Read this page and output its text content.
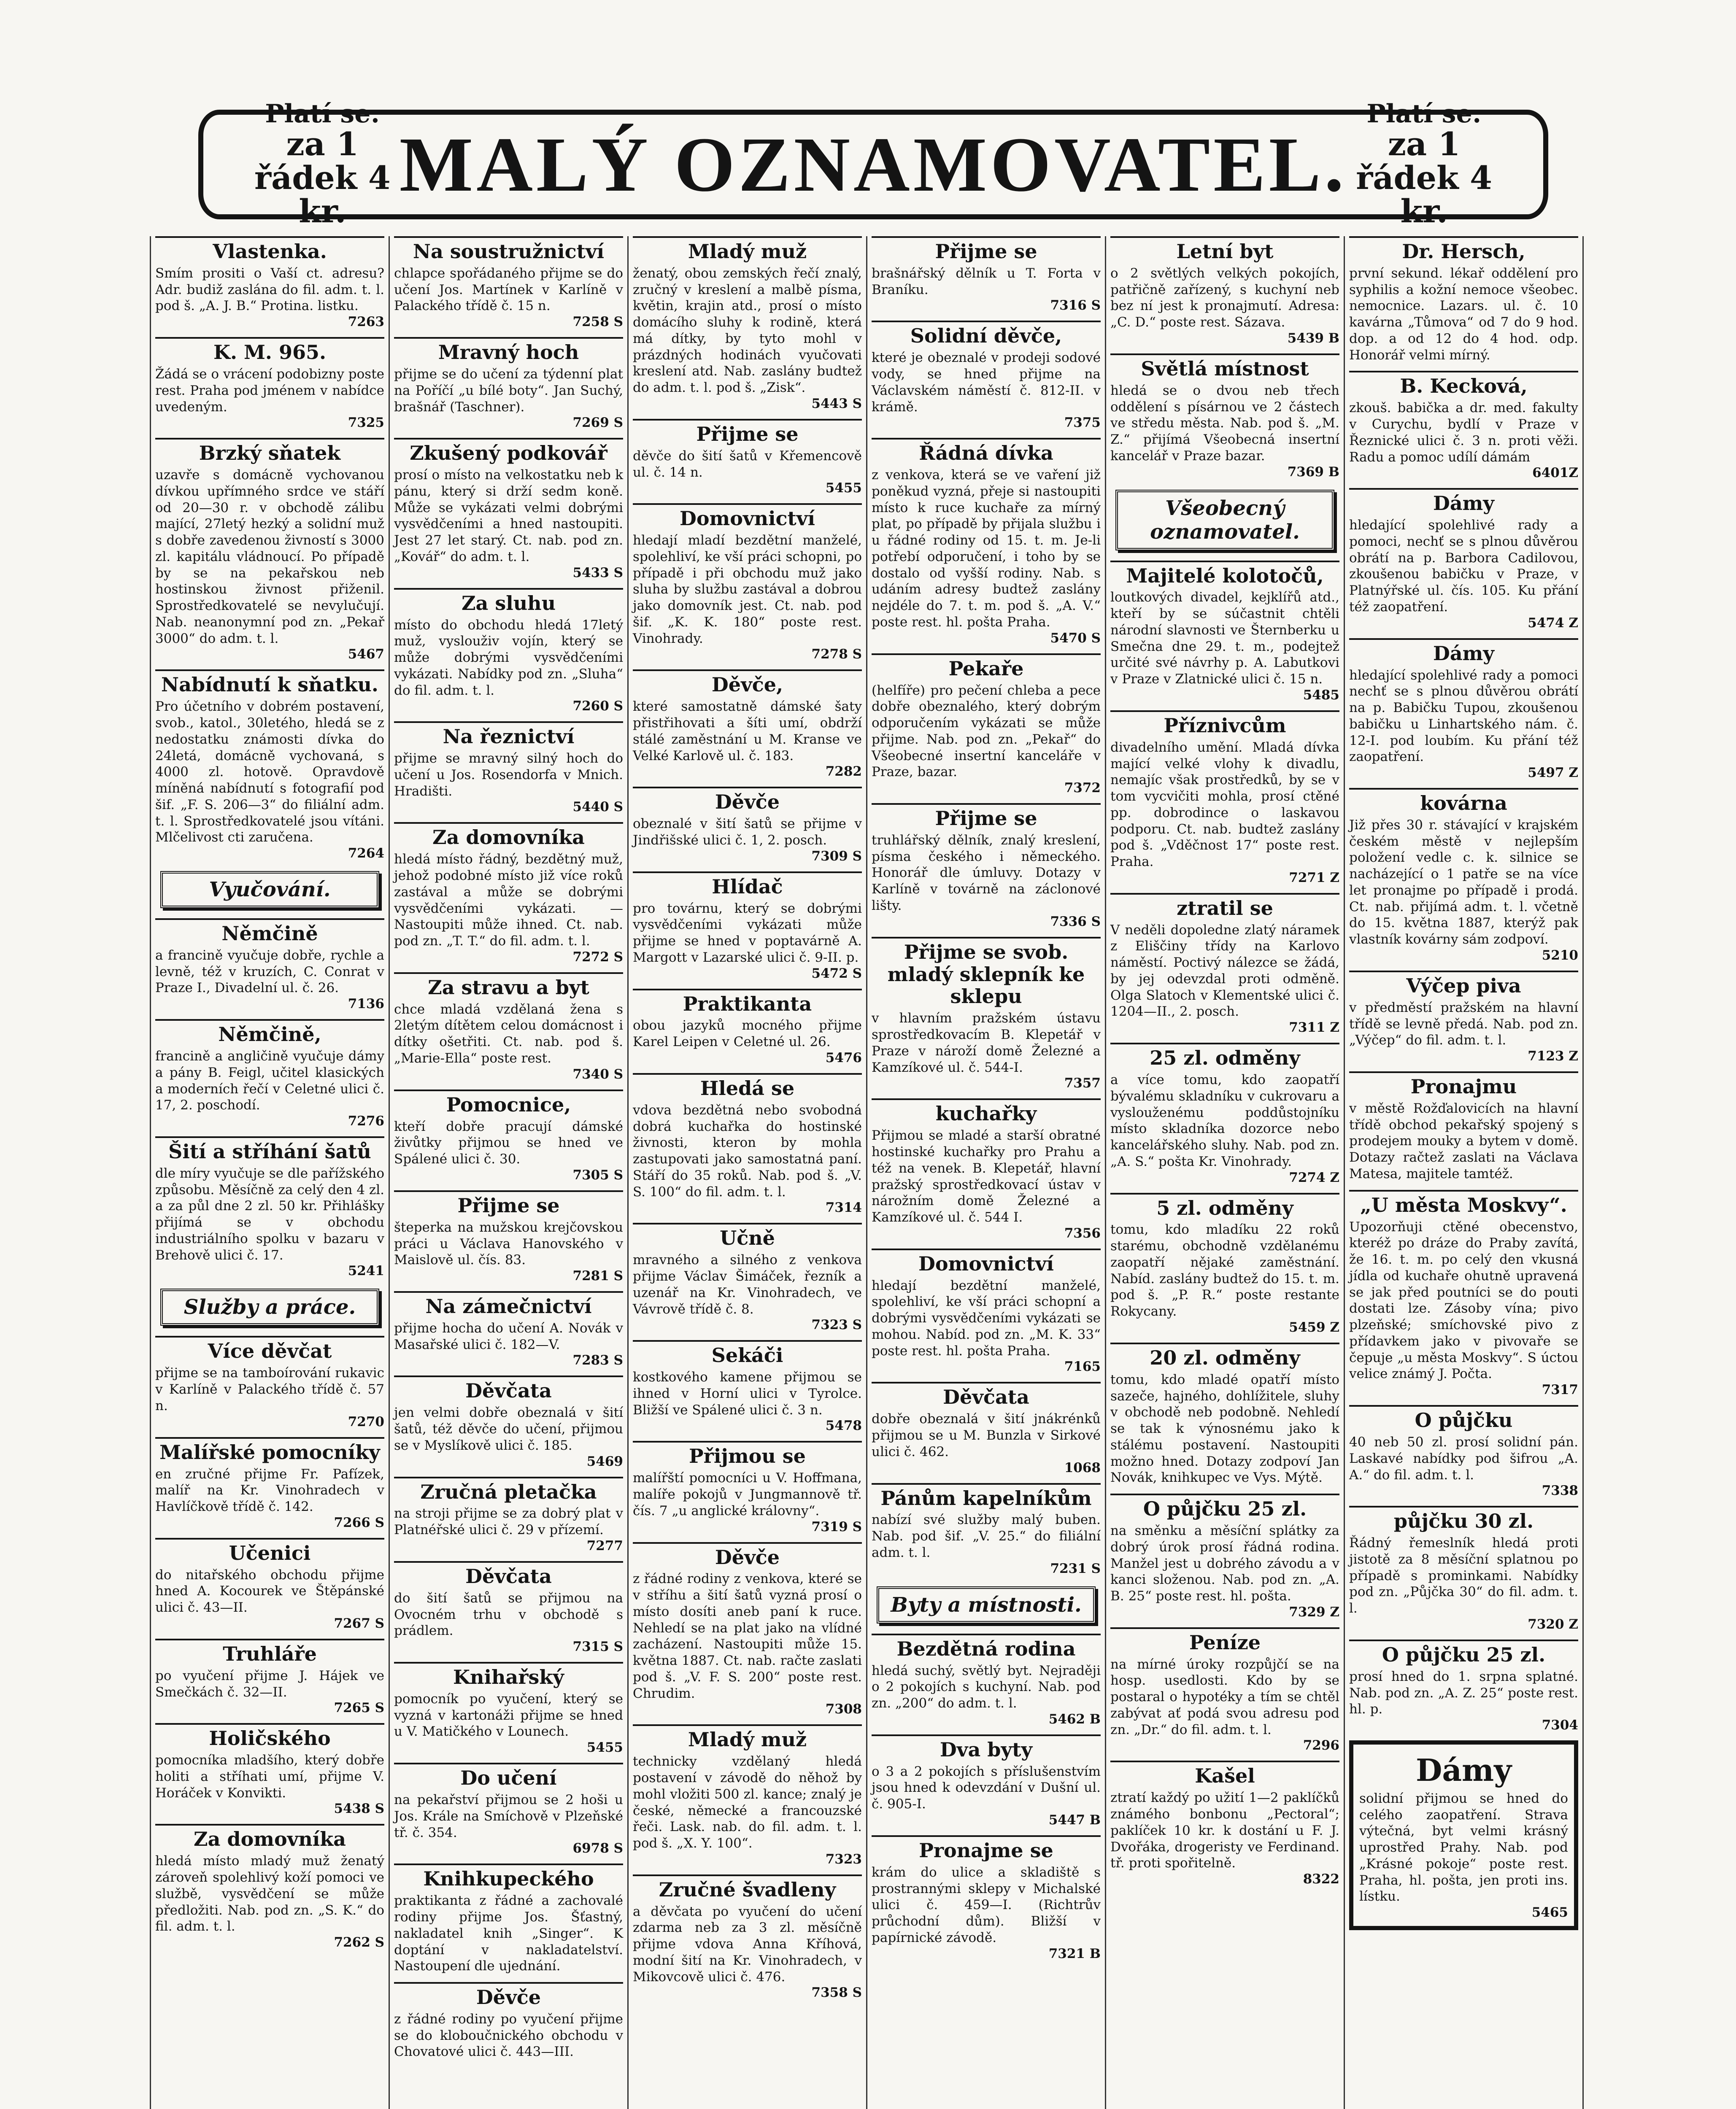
Platí se:
za 1 řádek 4 kr.
MALÝ OZNAMOVATEL.
Platí se:
za 1 řádek 4 kr.
Vlastenka.

Smím prositi o Vaší ct. adresu? Adr. budiž zaslána do fil. adm. t. l. pod š. „A. J. B.“ Protina. listku.

7263
K. M. 965.

Žádá se o vrácení podobizny poste rest. Praha pod jménem v nabídce uvedeným.

7325
Brzký sňatek

uzavře s domácně vychovanou dívkou upřímného srdce ve stáří od 20—30 r. v obchodě zálibu mající, 27letý hezký a solidní muž s dobře zavedenou živností s 3000 zl. kapitálu vládnoucí. Po případě by se na pekařskou neb hostinskou živnost přiženil. Sprostředkovatelé se nevylučují. Nab. neanonymní pod zn. „Pekař 3000“ do adm. t. l.

5467
Nabídnutí k sňatku.

Pro účetního v dobrém postavení, svob., katol., 30letého, hledá se z nedostatku známosti dívka do 24letá, domácně vychovaná, s 4000 zl. hotově. Opravdově míněná nabídnutí s fotografií pod šif. „F. S. 206—3“ do filiální adm. t. l. Sprostředkovatelé jsou vítáni. Mlčelivost cti zaručena.

7264
Vyučování.
Němčině

a francině vyučuje dobře, rychle a levně, též v kruzích, C. Conrat v Praze I., Divadelní ul. č. 26.

7136
Němčině,

francině a angličině vyučuje dámy a pány B. Feigl, učitel klasických a moderních řečí v Celetné ulici č. 17, 2. poschodí.

7276
Šití a stříhání šatů

dle míry vyučuje se dle pařížského způsobu. Měsíčně za celý den 4 zl. a za půl dne 2 zl. 50 kr. Přihlášky přijímá se v obchodu industriálního spolku v bazaru v Brehově ulici č. 17.

5241
Služby a práce.
Více děvčat

přijme se na tamboírování rukavic v Karlíně v Palackého třídě č. 57 n.

7270
Malířské pomocníky

en zručné přijme Fr. Pafízek, malíř na Kr. Vinohradech v Havlíčkově třídě č. 142.

7266 S
Učenici

do nitařského obchodu přijme hned A. Kocourek ve Štěpánské ulici č. 43—II.

7267 S
Truhláře

po vyučení přijme J. Hájek ve Smečkách č. 32—II.

7265 S
Holičského

pomocníka mladšího, který dobře holiti a stříhati umí, přijme V. Horáček v Konvikti.

5438 S
Za domovníka

hledá místo mladý muž ženatý zároveň spolehlivý koží pomoci ve službě, vysvědčení se může předložiti. Nab. pod zn. „S. K.“ do fil. adm. t. l.

7262 S
Na soustružnictví

chlapce spořádaného přijme se do učení Jos. Martínek v Karlíně v Palackého třídě č. 15 n.

7258 S
Mravný hoch

přijme se do učení za týdenní plat na Poříčí „u bílé boty“. Jan Suchý, brašnář (Taschner).

7269 S
Zkušený podkovář

prosí o místo na velkostatku neb k pánu, který si drží sedm koně. Může se vykázati velmi dobrými vysvědčeními a hned nastoupiti. Jest 27 let starý. Ct. nab. pod zn. „Kovář“ do adm. t. l.

5433 S
Za sluhu

místo do obchodu hledá 17letý muž, vyslouživ vojín, který se může dobrými vysvědčeními vykázati. Nabídky pod zn. „Sluha“ do fil. adm. t. l.

7260 S
Na řeznictví

přijme se mravný silný hoch do učení u Jos. Rosendorfa v Mnich. Hradišti.

5440 S
Za domovníka

hledá místo řádný, bezdětný muž, jehož podobné místo již více roků zastával a může se dobrými vysvědčeními vykázati. — Nastoupiti může ihned. Ct. nab. pod zn. „T. T.“ do fil. adm. t. l.

7272 S
Za stravu a byt

chce mladá vzdělaná žena s 2letým dítětem celou domácnost i dítky ošetřiti. Ct. nab. pod š. „Marie-Ella“ poste rest.

7340 S
Pomocnice,

kteří dobře pracují dámské živůtky přijmou se hned ve Spálené ulici č. 30.

7305 S
Přijme se

šteperka na mužskou krejčovskou práci u Václava Hanovského v Maislově ul. čís. 83.

7281 S
Na zámečnictví

přijme hocha do učení A. Novák v Masařské ulici č. 182—V.

7283 S
Děvčata

jen velmi dobře obeznalá v šití šatů, též děvče do učení, přijmou se v Myslíkově ulici č. 185.

5469
Zručná pletačka

na stroji přijme se za dobrý plat v Platnéřské ulici č. 29 v přízemí.

7277
Děvčata

do šití šatů se přijmou na Ovocném trhu v obchodě s prádlem.

7315 S
Knihařský

pomocník po vyučení, který se vyzná v kartonáži přijme se hned u V. Matičkého v Lounech.

5455
Do učení

na pekařství přijmou se 2 hoši u Jos. Krále na Smíchově v Plzeňské tř. č. 354.

6978 S
Knihkupeckého

praktikanta z řádné a zachovalé rodiny přijme Jos. Šťastný, nakladatel knih „Singer“. K doptání v nakladatelství. Nastoupení dle ujednání.

Děvče

z řádné rodiny po vyučení přijme se do kloboučnického obchodu v Chovatové ulici č. 443—III.

Mladý muž

ženatý, obou zemských řečí znalý, zručný v kreslení a malbě písma, květin, krajin atd., prosí o místo domácího sluhy k rodině, která má dítky, by tyto mohl v prázdných hodinách vyučovati kreslení atd. Nab. zaslány budtež do adm. t. l. pod š. „Zisk“.

5443 S
Přijme se

děvče do šití šatů v Křemencově ul. č. 14 n.

5455
Domovnictví

hledají mladí bezdětní manželé, spolehliví, ke vší práci schopni, po případě i při obchodu muž jako sluha by službu zastával a dobrou jako domovník jest. Ct. nab. pod šif. „K. K. 180“ poste rest. Vinohrady.

7278 S
Děvče,

které samostatně dámské šaty přistřihovati a šíti umí, obdrží stálé zaměstnání u M. Kranse ve Velké Karlově ul. č. 183.

7282
Děvče

obeznalé v šití šatů se přijme v Jindřišské ulici č. 1, 2. posch.

7309 S
Hlídač

pro továrnu, který se dobrými vysvědčeními vykázati může přijme se hned v poptavárně A. Margott v Lazarské ulici č. 9-II. p.

5472 S
Praktikanta

obou jazyků mocného přijme Karel Leipen v Celetné ul. 26.

5476
Hledá se

vdova bezdětná nebo svobodná dobrá kuchařka do hostinské živnosti, kteron by mohla zastupovati jako samostatná paní. Stáří do 35 roků. Nab. pod š. „V. S. 100“ do fil. adm. t. l.

7314
Učně

mravného a silného z venkova přijme Václav Šimáček, řezník a uzenář na Kr. Vinohradech, ve Vávrově třídě č. 8.

7323 S
Sekáči

kostkového kamene přijmou se ihned v Horní ulici v Tyrolce. Bližší ve Spálené ulici č. 3 n.

5478
Přijmou se

malířští pomocníci u V. Hoffmana, malíře pokojů v Jungmannově tř. čís. 7 „u anglické královny“.

7319 S
Děvče

z řádné rodiny z venkova, které se v stříhu a šití šatů vyzná prosí o místo dosíti aneb paní k ruce. Nehledí se na plat jako na vlídné zacházení. Nastoupiti může 15. května 1887. Ct. nab. račte zaslati pod š. „V. F. S. 200“ poste rest. Chrudim.

7308
Mladý muž

technicky vzdělaný hledá postavení v závodě do něhož by mohl vložiti 500 zl. kance; znalý je české, německé a francouzské řeči. Lask. nab. do fil. adm. t. l. pod š. „X. Y. 100“.

7323
Zručné švadleny

a děvčata po vyučení do učení zdarma neb za 3 zl. měsíčně přijme vdova Anna Kříhová, modní šití na Kr. Vinohradech, v Mikovcově ulici č. 476.

7358 S
Přijme se

brašnářský dělník u T. Forta v Braníku.

7316 S
Solidní děvče,

které je obeznalé v prodeji sodové vody, se hned přijme na Václavském náměstí č. 812-II. v krámě.

7375
Řádná dívka

z venkova, která se ve vaření již poněkud vyzná, přeje si nastoupiti místo k ruce kuchaře za mírný plat, po případě by přijala službu i u řádné rodiny od 15. t. m. Je-li potřebí odporučení, i toho by se dostalo od vyšší rodiny. Nab. s udáním adresy budtež zaslány nejdéle do 7. t. m. pod š. „A. V.“ poste rest. hl. pošta Praha.

5470 S
Pekaře

(helfíře) pro pečení chleba a pece dobře obeznalého, který dobrým odporučením vykázati se může přijme. Nab. pod zn. „Pekař“ do Všeobecné insertní kanceláře v Praze, bazar.

7372
Přijme se

truhlářský dělník, znalý kreslení, písma českého i německého. Honorář dle úmluvy. Dotazy v Karlíně v továrně na záclonové lišty.

7336 S
Přijme se svob. mladý sklepník ke sklepu

v hlavním pražském ústavu sprostředkovacím B. Klepetář v Praze v nároží domě Železné a Kamzíkové ul. č. 544-I.

7357
kuchařky

Přijmou se mladé a starší obratné hostinské kuchařky pro Prahu a též na venek. B. Klepetář, hlavní pražský sprostředkovací ústav v nárožním domě Železné a Kamzíkové ul. č. 544 I.

7356
Domovnictví

hledají bezdětní manželé, spolehliví, ke vší práci schopní a dobrými vysvědčeními vykázati se mohou. Nabíd. pod zn. „M. K. 33“ poste rest. hl. pošta Praha.

7165
Děvčata

dobře obeznalá v šití jnákrénků přijmou se u M. Bunzla v Sirkové ulici č. 462.

1068
Pánům kapelníkům

nabízí své služby malý buben. Nab. pod šif. „V. 25.“ do filiální adm. t. l.

7231 S
Byty a místnosti.
Bezdětná rodina

hledá suchý, světlý byt. Nejraději o 2 pokojích s kuchyní. Nab. pod zn. „200“ do adm. t. l.

5462 B
Dva byty

o 3 a 2 pokojích s příslušenstvím jsou hned k odevzdání v Dušní ul. č. 905-I.

5447 B
Pronajme se

krám do ulice a skladiště s prostrannými sklepy v Michalské ulici č. 459—I. (Richtrův průchodní dům). Bližší v papírnické závodě.

7321 B
Letní byt

o 2 světlých velkých pokojích, patřičně zařízený, s kuchyní neb bez ní jest k pronajmutí. Adresa: „C. D.“ poste rest. Sázava.

5439 B
Světlá místnost

hledá se o dvou neb třech oddělení s písárnou ve 2 částech ve středu města. Nab. pod š. „M. Z.“ přijímá Všeobecná insertní kancelář v Praze bazar.

7369 B
Všeobecný oznamovatel.
Majitelé kolotočů,

loutkových divadel, kejklířů atd., kteří by se súčastnit chtěli národní slavnosti ve Šternberku u Smečna dne 29. t. m., podejtež určité své návrhy p. A. Labutkovi v Praze v Zlatnické ulici č. 15 n.

5485
Příznivcům

divadelního umění. Mladá dívka mající velké vlohy k divadlu, nemajíc však prostředků, by se v tom vycvičiti mohla, prosí ctěné pp. dobrodince o laskavou podporu. Ct. nab. budtež zaslány pod š. „Vděčnost 17“ poste rest. Praha.

7271 Z
ztratil se

V neděli dopoledne zlatý náramek z Eliščiny třídy na Karlovo náměstí. Poctivý nálezce se žádá, by jej odevzdal proti odměně. Olga Slatoch v Klementské ulici č. 1204—II., 2. posch.

7311 Z
25 zl. odměny

a více tomu, kdo zaopatří bývalému skladníku v cukrovaru a vyslouženému poddůstojníku místo skladníka dozorce nebo kancelářského sluhy. Nab. pod zn. „A. S.“ pošta Kr. Vinohrady.

7274 Z
5 zl. odměny

tomu, kdo mladíku 22 roků starému, obchodně vzdělanému zaopatří nějaké zaměstnání. Nabíd. zaslány budtež do 15. t. m. pod š. „P. R.“ poste restante Rokycany.

5459 Z
20 zl. odměny

tomu, kdo mladé opatří místo sazeče, hajného, dohlížitele, sluhy v obchodě neb podobně. Nehledí se tak k výnosnému jako k stálému postavení. Nastoupiti možno hned. Dotazy zodpoví Jan Novák, knihkupec ve Vys. Mýtě.

O půjčku 25 zl.

na směnku a měsíční splátky za dobrý úrok prosí řádná rodina. Manžel jest u dobrého závodu a v kanci složenou. Nab. pod zn. „A. B. 25“ poste rest. hl. pošta.

7329 Z
Peníze

na mírné úroky rozpůjčí se na hosp. usedlosti. Kdo by se postaral o hypotéky a tím se chtěl zabývat ať podá svou adresu pod zn. „Dr.“ do fil. adm. t. l.

7296
Kašel

ztratí každý po užití 1—2 paklíčků známého bonbonu „Pectoral“; paklíček 10 kr. k dostání u F. J. Dvořáka, drogeristy ve Ferdinand. tř. proti spořitelně.

8322
Dr. Hersch,

první sekund. lékař oddělení pro syphilis a kožní nemoce všeobec. nemocnice. Lazars. ul. č. 10 kavárna „Tůmova“ od 7 do 9 hod. dop. a od 12 do 4 hod. odp. Honorář velmi mírný.

B. Kecková,

zkouš. babička a dr. med. fakulty v Curychu, bydlí v Praze v Řeznické ulici č. 3 n. proti věži. Radu a pomoc udílí dámám

6401Z
Dámy

hledající spolehlivé rady a pomoci, nechť se s plnou důvěrou obrátí na p. Barbora Cadilovou, zkoušenou babičku v Praze, v Platnýřské ul. čís. 105. Ku přání též zaopatření.

5474 Z
Dámy

hledající spolehlivé rady a pomoci nechť se s plnou důvěrou obrátí na p. Babičku Tupou, zkoušenou babičku u Linhartského nám. č. 12-I. pod loubím. Ku přání též zaopatření.

5497 Z
kovárna

Již přes 30 r. stávající v krajském českém městě v nejlepším položení vedle c. k. silnice se nacházející o 1 patře se na více let pronajme po případě i prodá. Ct. nab. přijímá adm. t. l. včetně do 15. května 1887, kterýž pak vlastník kovárny sám zodpoví.

5210
Výčep piva

v předměstí pražském na hlavní třídě se levně předá. Nab. pod zn. „Výčep“ do fil. adm. t. l.

7123 Z
Pronajmu

v městě Rožďalovicích na hlavní třídě obchod pekařský spojený s prodejem mouky a bytem v domě. Dotazy račtež zaslati na Václava Matesa, majitele tamtéž.

„U města Moskvy“.

Upozorňuji ctěné obecenstvo, kteréž po dráze do Praby zavítá, že 16. t. m. po celý den vkusná jídla od kuchaře ohutně upravená se jak před poutníci se do pouti dostati lze. Zásoby vína; pivo plzeňské; smíchovské pivo z přídavkem jako v pivovaře se čepuje „u města Moskvy“. S úctou velice známý J. Počta.

7317
O půjčku

40 neb 50 zl. prosí solidní pán. Laskavé nabídky pod šifrou „A. A.“ do fil. adm. t. l.

7338
půjčku 30 zl.

Řádný řemeslník hledá proti jistotě za 8 měsíční splatnou po případě s prominkami. Nabídky pod zn. „Půjčka 30“ do fil. adm. t. l.

7320 Z
O půjčku 25 zl.

prosí hned do 1. srpna splatné. Nab. pod zn. „A. Z. 25“ poste rest. hl. p.

7304
Dámy

solidní přijmou se hned do celého zaopatření. Strava výtečná, byt velmi krásný uprostřed Prahy. Nab. pod „Krásné pokoje“ poste rest. Praha, hl. pošta, jen proti ins. lístku.

5465
